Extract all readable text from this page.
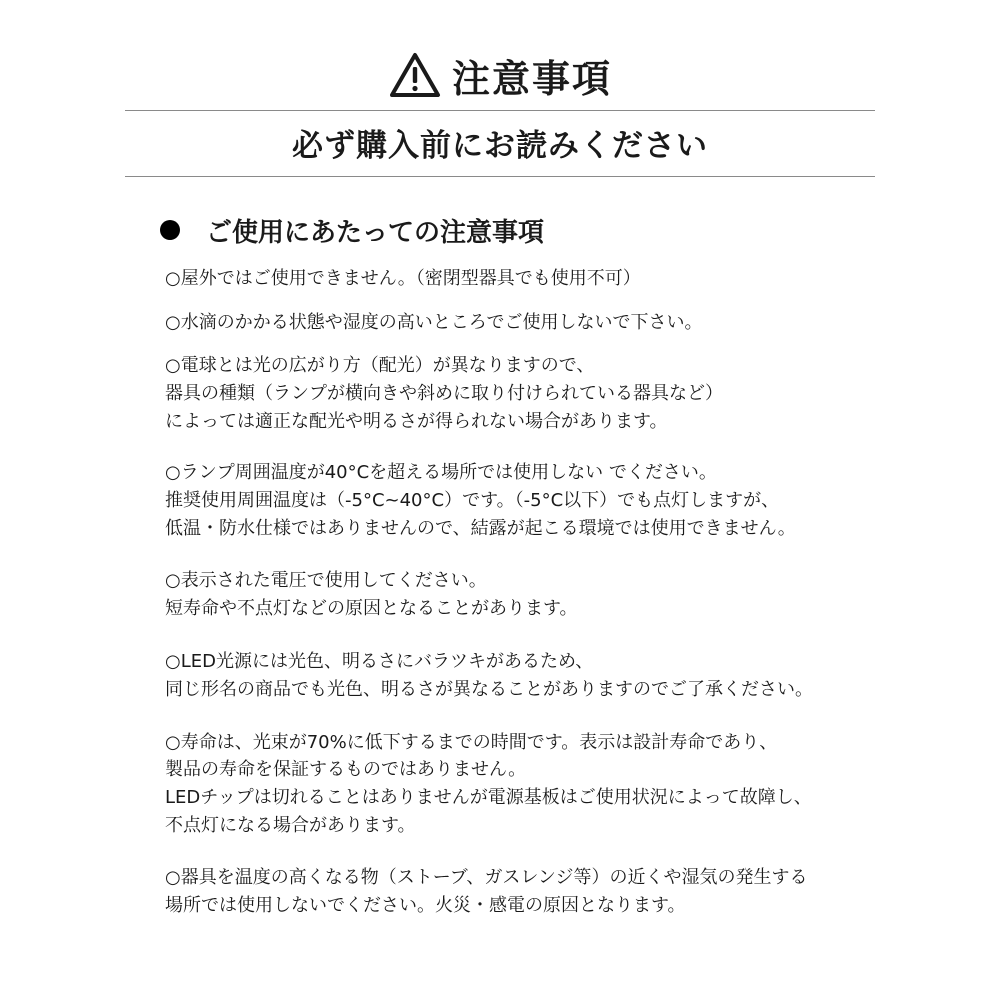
注意事項
必ず購入前にお読みください
ご使用にあたっての注意事項
○屋外ではご使用できません。（密閉型器具でも使用不可）
○水滴のかかる状態や湿度の高いところでご使用しないで下さい。
○電球とは光の広がり方（配光）が異なりますので、
器具の種類（ランプが横向きや斜めに取り付けられている器具など）
によっては適正な配光や明るさが得られない場合があります。
○ランプ周囲温度が40°Cを超える場所では使用しない でください。
推奨使用周囲温度は（-5°C~40°C）です。（-5°C以下）でも点灯しますが、
低温・防水仕様ではありませんので、結露が起こる環境では使用できません。
○表示された電圧で使用してください。
短寿命や不点灯などの原因となることがあります。
○LED光源には光色、明るさにバラツキがあるため、
同じ形名の商品でも光色、明るさが異なることがありますのでご了承ください。
○寿命は、光束が70%に低下するまでの時間です。表示は設計寿命であり、
製品の寿命を保証するものではありません。
LEDチップは切れることはありませんが電源基板はご使用状況によって故障し、
不点灯になる場合があります。
○器具を温度の高くなる物（ストーブ、ガスレンジ等）の近くや湿気の発生する
場所では使用しないでください。火災・感電の原因となります。
